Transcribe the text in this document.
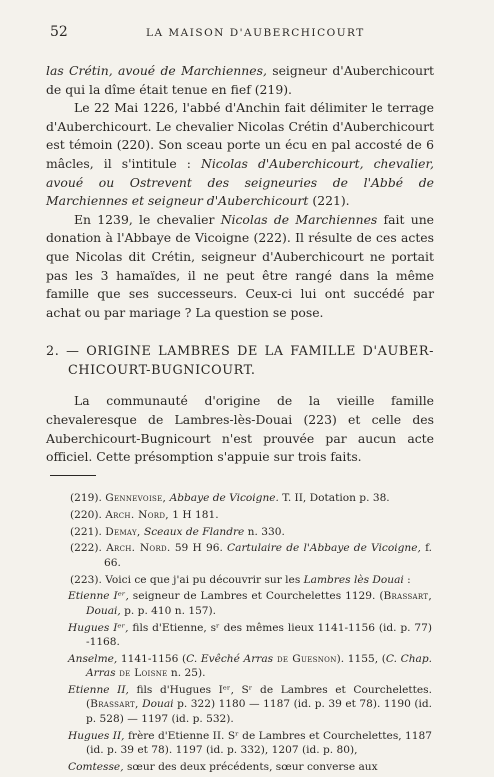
52	LA MAISON D'AUBERCHICOURT

las Crétin, avoué de Marchiennes, seigneur d'Auberchicourt de qui la dîme était tenue en fief (219).

Le 22 Mai 1226, l'abbé d'Anchin fait délimiter le terrage d'Auberchicourt. Le chevalier Nicolas Crétin d'Auberchicourt est témoin (220). Son sceau porte un écu en pal accosté de 6 mâcles, il s'intitule : Nicolas d'Auberchicourt, chevalier, avoué ou Ostrevent des seigneuries de l'Abbé de Marchiennes et seigneur d'Auberchicourt (221).

En 1239, le chevalier Nicolas de Marchiennes fait une donation à l'Abbaye de Vicoigne (222). Il résulte de ces actes que Nicolas dit Crétin, seigneur d'Auberchicourt ne portait pas les 3 hamaïdes, il ne peut être rangé dans la même famille que ses successeurs. Ceux-ci lui ont succédé par achat ou par mariage ? La question se pose.

2. — ORIGINE LAMBRES DE LA FAMILLE D'AUBER-
CHICOURT-BUGNICOURT.

La communauté d'origine de la vieille famille chevaleresque de Lambres-lès-Douai (223) et celle des Auberchicourt-Bugnicourt n'est prouvée par aucun acte officiel. Cette présomption s'appuie sur trois faits.

(219). Gennevoise, Abbaye de Vicoigne. T. II, Dotation p. 38.

(220). Arch. Nord, 1 H 181.

(221). Demay, Sceaux de Flandre n. 330.

(222). Arch. Nord. 59 H 96. Cartulaire de l'Abbaye de Vicoigne, f. 66.

(223). Voici ce que j'ai pu découvrir sur les Lambres lès Douai :

Etienne Iᵉʳ, seigneur de Lambres et Courchelettes 1129. (Brassart, Douai, p. p. 410 n. 157).

Hugues Iᵉʳ, fils d'Etienne, sʳ des mêmes lieux 1141-1156 (id. p. 77) -1168.

Anselme, 1141-1156 (C. Evêché Arras de Guesnon). 1155, (C. Chap. Arras de Loisne n. 25).

Etienne II, fils d'Hugues Iᵉʳ, Sʳ de Lambres et Courchelettes. (Brassart, Douai p. 322) 1180 — 1187 (id. p. 39 et 78). 1190 (id. p. 528) — 1197 (id. p. 532).

Hugues II, frère d'Etienne II. Sʳ de Lambres et Courchelettes, 1187 (id. p. 39 et 78). 1197 (id. p. 332), 1207 (id. p. 80),

Comtesse, sœur des deux précédents, sœur converse aux
